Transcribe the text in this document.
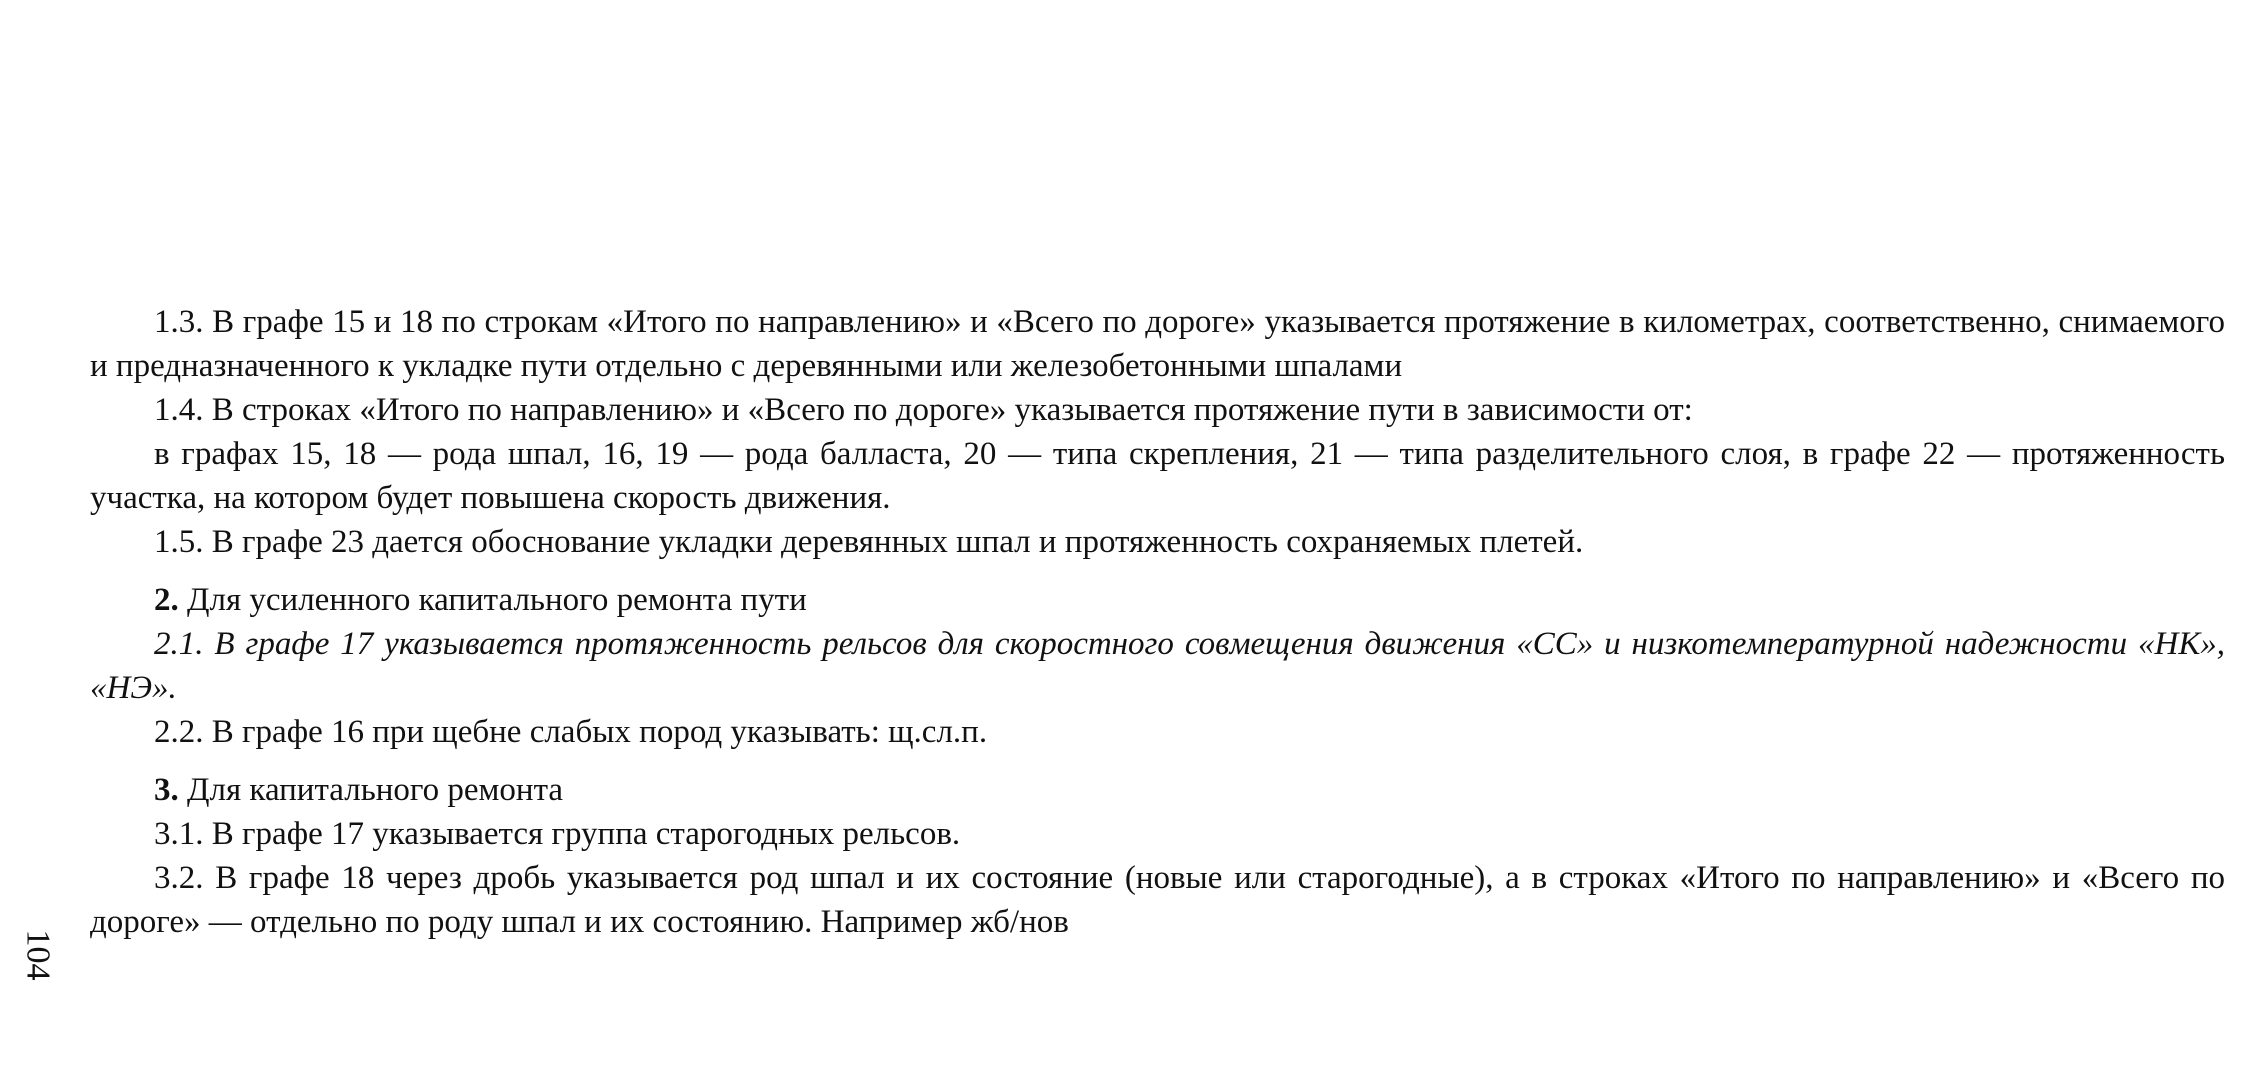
1.3. В графе 15 и 18 по строкам «Итого по направлению» и «Всего по дороге» указывается протяжение в километрах, соответственно, снимаемого и предназначенного к укладке пути отдельно с деревянными или железобетонными шпалами

1.4. В строках «Итого по направлению» и «Всего по дороге» указывается протяжение пути в зависимости от:

в графах 15, 18 — рода шпал, 16, 19 — рода балласта, 20 — типа скрепления, 21 — типа разделительного слоя, в графе 22 — протяженность участка, на котором будет повышена скорость движения.

1.5. В графе 23 дается обоснование укладки деревянных шпал и протяженность сохраняемых плетей.

2. Для усиленного капитального ремонта пути

2.1. В графе 17 указывается протяженность рельсов для скоростного совмещения движения «СС» и низкотемпературной надежности «НК», «НЭ».

2.2. В графе 16 при щебне слабых пород указывать: щ.сл.п.

3. Для капитального ремонта

3.1. В графе 17 указывается группа старогодных рельсов.

3.2. В графе 18 через дробь указывается род шпал и их состояние (новые или старогодные), а в строках «Итого по направлению» и «Всего по дороге» — отдельно по роду шпал и их состоянию. Например жб/нов

104
